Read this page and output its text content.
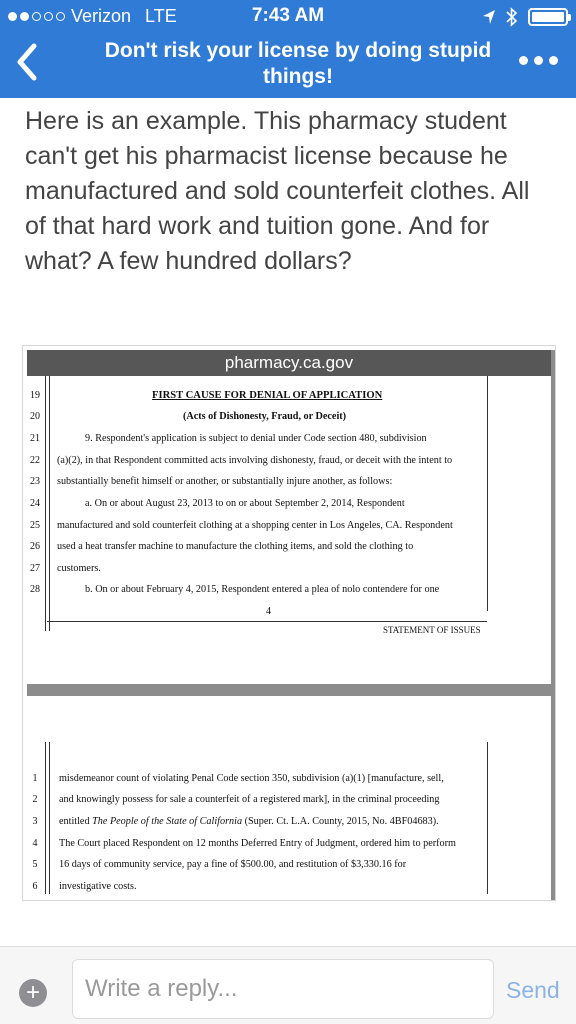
Verizon LTE	7:43 AM
Don't risk your license by doing stupid things!
Here is an example. This pharmacy student can't get his pharmacist license because he manufactured and sold counterfeit clothes. All of that hard work and tuition gone. And for what? A few hundred dollars?
pharmacy.ca.gov
19	FIRST CAUSE FOR DENIAL OF APPLICATION
20	(Acts of Dishonesty, Fraud, or Deceit)
21	9. Respondent's application is subject to denial under Code section 480, subdivision
22 (a)(2), in that Respondent committed acts involving dishonesty, fraud, or deceit with the intent to
23 substantially benefit himself or another, or substantially injure another, as follows:
24	a. On or about August 23, 2013 to on or about September 2, 2014, Respondent
25 manufactured and sold counterfeit clothing at a shopping center in Los Angeles, CA. Respondent
26 used a heat transfer machine to manufacture the clothing items, and sold the clothing to
27 customers.
28	b. On or about February 4, 2015, Respondent entered a plea of nolo contendere for one
4
STATEMENT OF ISSUES
1	misdemeanor count of violating Penal Code section 350, subdivision (a)(1) [manufacture, sell,
2	and knowingly possess for sale a counterfeit of a registered mark], in the criminal proceeding
3	entitled The People of the State of California (Super. Ct. L.A. County, 2015, No. 4BF04683).
4	The Court placed Respondent on 12 months Deferred Entry of Judgment, ordered him to perform
5	16 days of community service, pay a fine of $500.00, and restitution of $3,330.16 for
6	investigative costs.
+
Write a reply...	Send
